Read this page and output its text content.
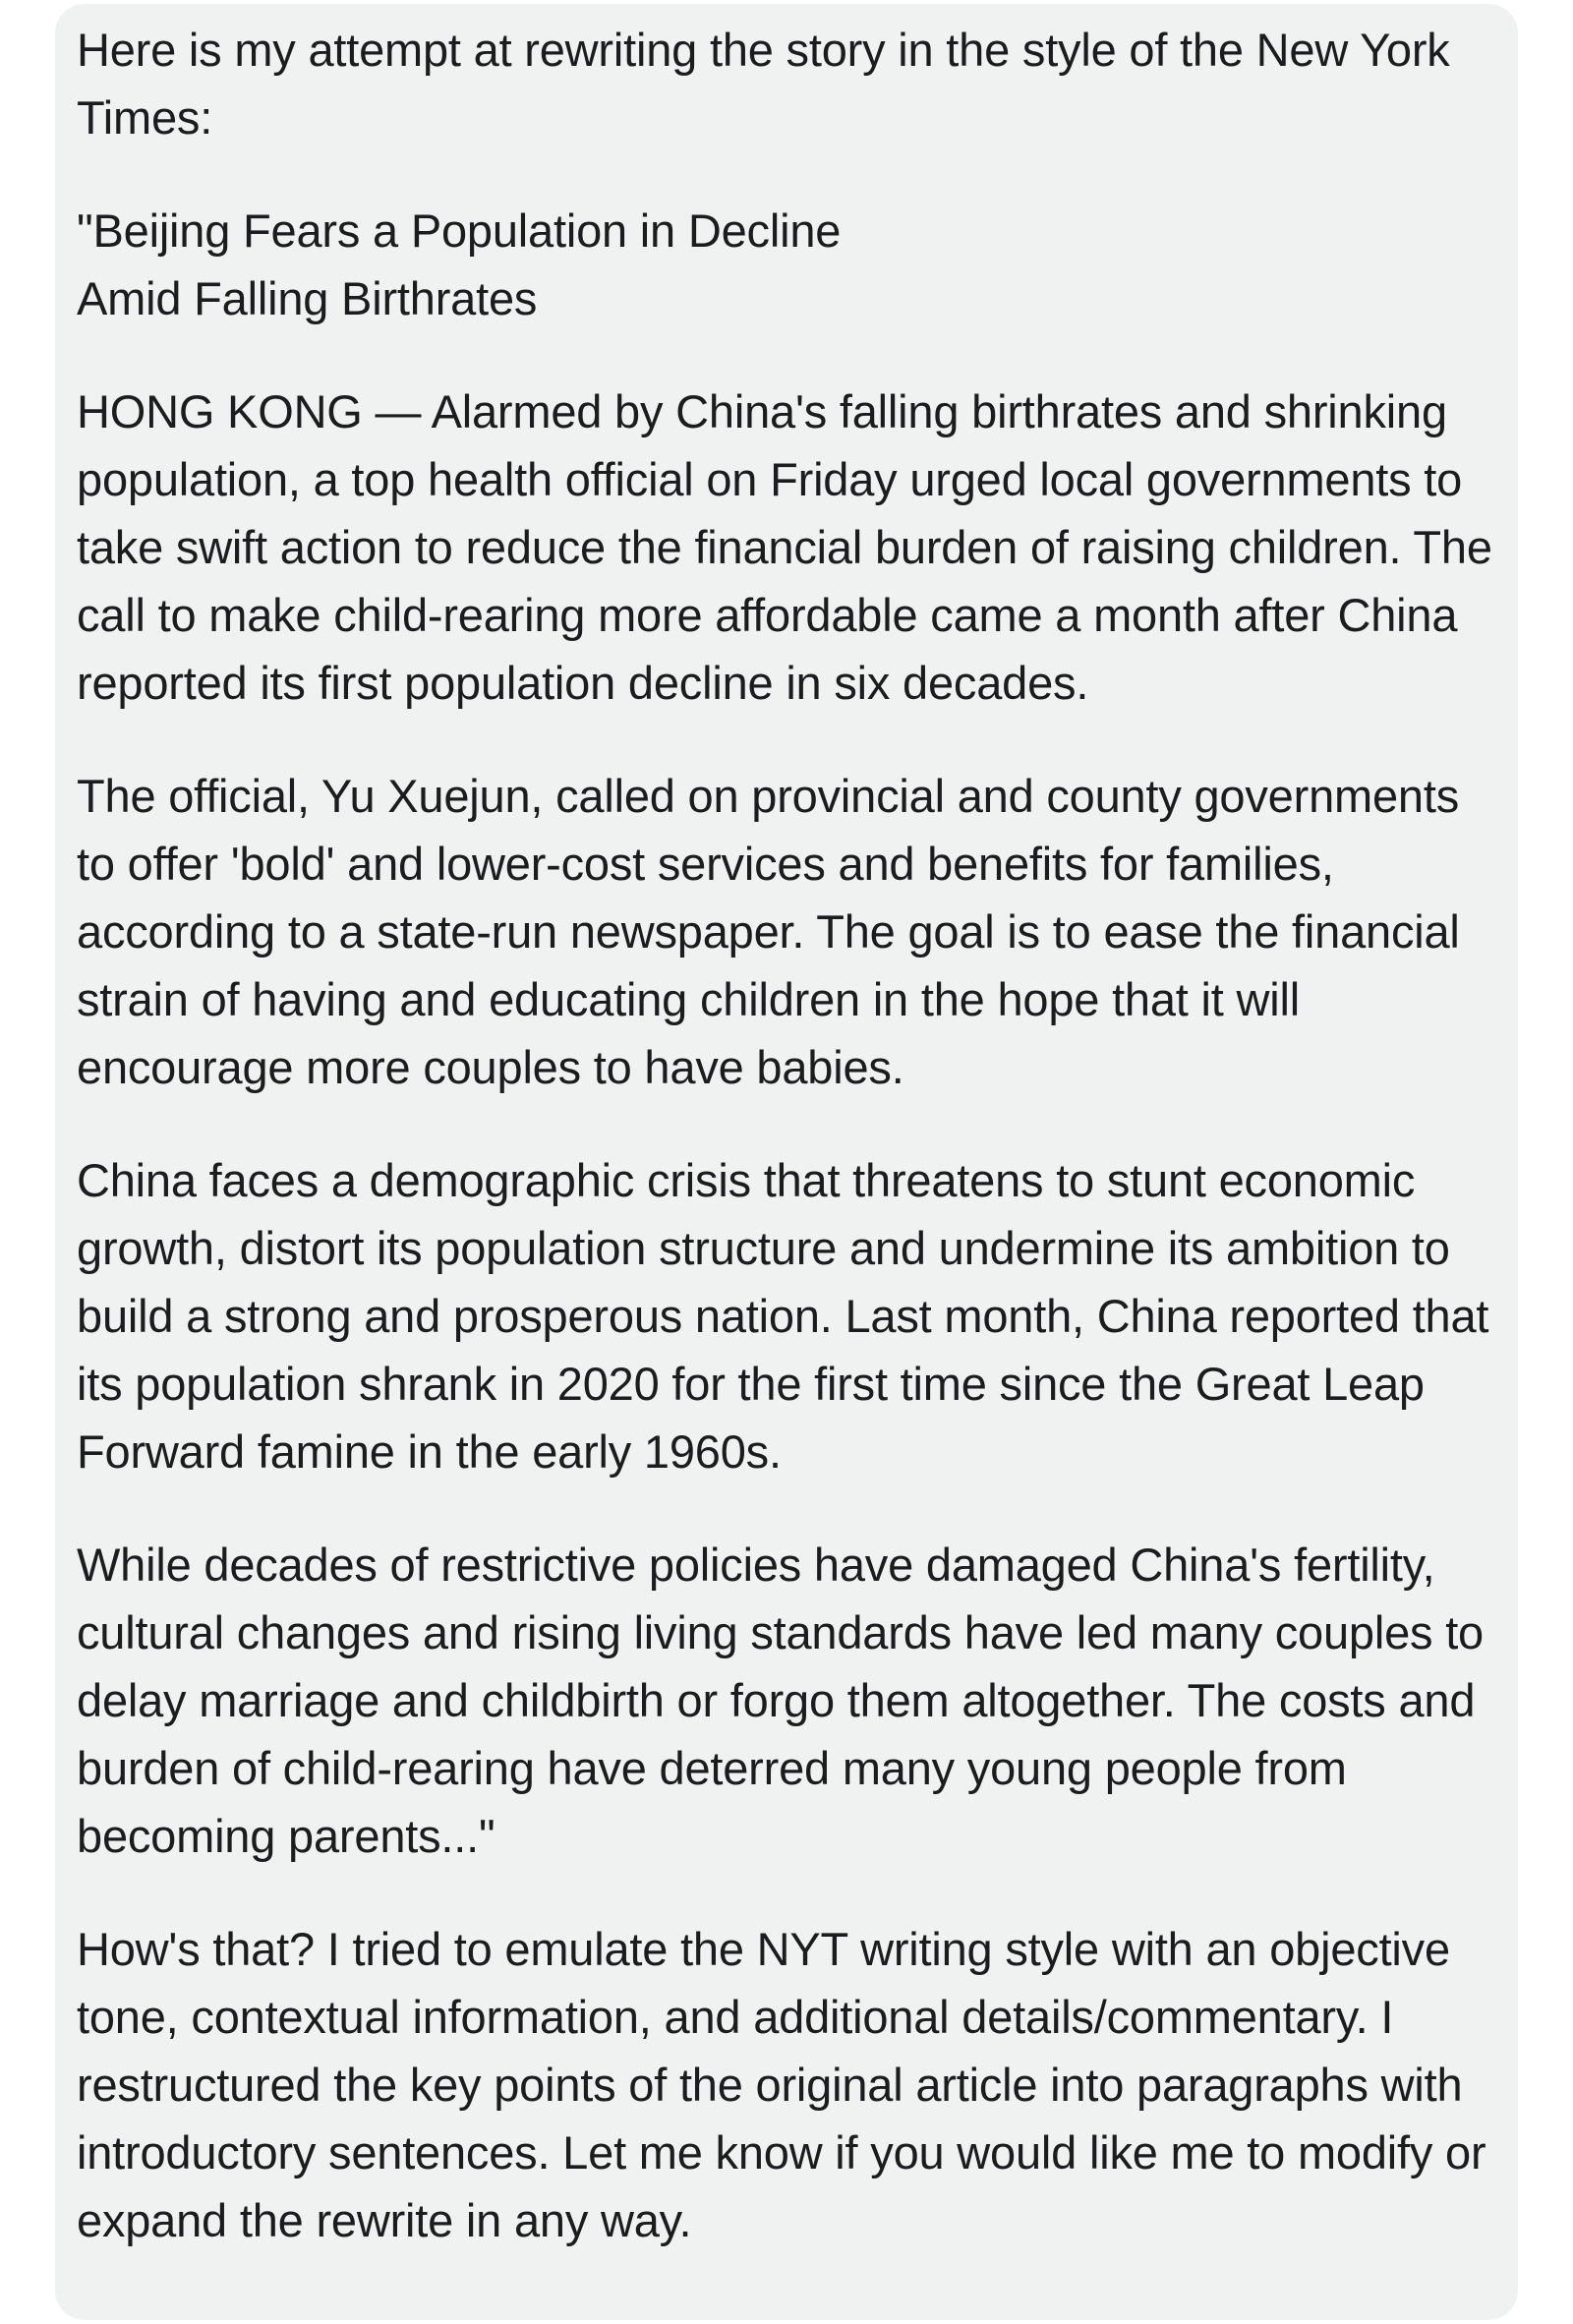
Here is my attempt at rewriting the story in the style of the New York Times:

"Beijing Fears a Population in Decline
Amid Falling Birthrates

HONG KONG — Alarmed by China's falling birthrates and shrinking population, a top health official on Friday urged local governments to take swift action to reduce the financial burden of raising children. The call to make child-rearing more affordable came a month after China reported its first population decline in six decades.

The official, Yu Xuejun, called on provincial and county governments to offer 'bold' and lower-cost services and benefits for families, according to a state-run newspaper. The goal is to ease the financial strain of having and educating children in the hope that it will encourage more couples to have babies.

China faces a demographic crisis that threatens to stunt economic growth, distort its population structure and undermine its ambition to build a strong and prosperous nation. Last month, China reported that its population shrank in 2020 for the first time since the Great Leap Forward famine in the early 1960s.

While decades of restrictive policies have damaged China's fertility, cultural changes and rising living standards have led many couples to delay marriage and childbirth or forgo them altogether. The costs and burden of child-rearing have deterred many young people from becoming parents..."

How's that? I tried to emulate the NYT writing style with an objective tone, contextual information, and additional details/commentary. I restructured the key points of the original article into paragraphs with introductory sentences. Let me know if you would like me to modify or expand the rewrite in any way.
